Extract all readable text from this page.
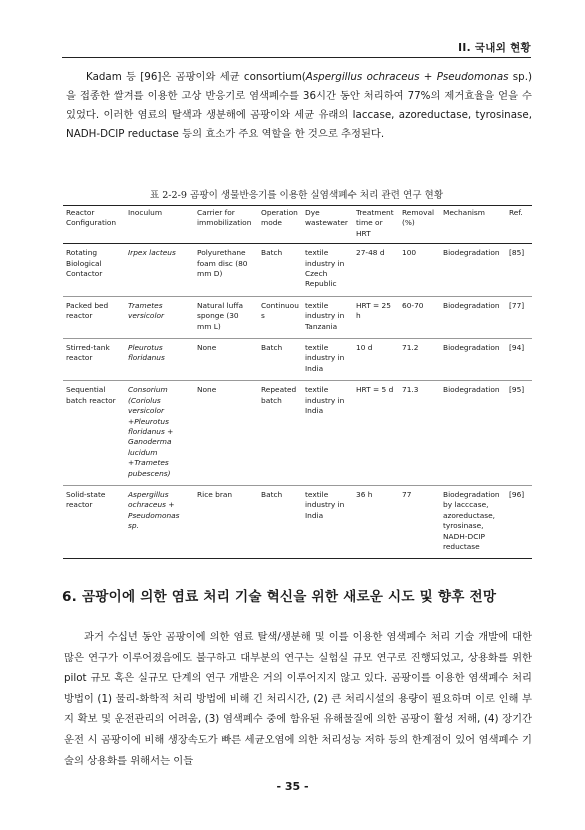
II. 국내외 현황

Kadam 등 [96]은 곰팡이와 세균 consortium(Aspergillus ochraceus + Pseudomonas sp.)을 접종한 쌀겨를 이용한 고상 반응기로 염색폐수를 36시간 동안 처리하여 77%의 제거효율을 얻을 수 있었다. 이러한 염료의 탈색과 생분해에 곰팡이와 세균 유래의 laccase, azoreductase, tyrosinase, NADH-DCIP reductase 등의 효소가 주요 역할을 한 것으로 추정된다.

표 2-2-9 곰팡이 생물반응기를 이용한 실염색폐수 처리 관련 연구 현황
Reactor Configuration	Inoculum	Carrier for immobilization	Operation mode	Dye wastewater	Treatment time or HRT	Removal (%)	Mechanism	Ref.
Rotating Biological Contactor	Irpex lacteus	Polyurethane foam disc (80 mm D)	Batch	textile industry in Czech Republic	27-48 d	100	Biodegradation	[85]
Packed bed reactor	Trametes versicolor	Natural luffa sponge (30 mm L)	Continuous	textile industry in Tanzania	HRT = 25 h	60-70	Biodegradation	[77]
Stirred-tank reactor	Pleurotus floridanus	None	Batch	textile industry in India	10 d	71.2	Biodegradation	[94]
Sequential batch reactor	Consorium (Coriolus versicolor +Pleurotus floridanus + Ganoderma lucidum +Trametes pubescens)	None	Repeated batch	textile industry in India	HRT = 5 d	71.3	Biodegradation	[95]
Solid-state reactor	Aspergillus ochraceus + Pseudomonas sp.	Rice bran	Batch	textile industry in India	36 h	77	Biodegradation by lacccase, azoreductase, tyrosinase, NADH-DCIP reductase	[96]
6. 곰팡이에 의한 염료 처리 기술 혁신을 위한 새로운 시도 및 향후 전망

과거 수십년 동안 곰팡이에 의한 염료 탈색/생분해 및 이를 이용한 염색폐수 처리 기술 개발에 대한 많은 연구가 이루어졌음에도 불구하고 대부분의 연구는 실험실 규모 연구로 진행되었고, 상용화를 위한 pilot 규모 혹은 실규모 단계의 연구 개발은 거의 이루어지지 않고 있다. 곰팡이를 이용한 염색폐수 처리 방법이 (1) 물리-화학적 처리 방법에 비해 긴 처리시간, (2) 큰 처리시설의 용량이 필요하며 이로 인해 부지 확보 및 운전관리의 어려움, (3) 염색폐수 중에 함유된 유해물질에 의한 곰팡이 활성 저해, (4) 장기간 운전 시 곰팡이에 비해 생장속도가 빠른 세균오염에 의한 처리성능 저하 등의 한계점이 있어 염색폐수 기술의 상용화를 위해서는 이들

- 35 -
